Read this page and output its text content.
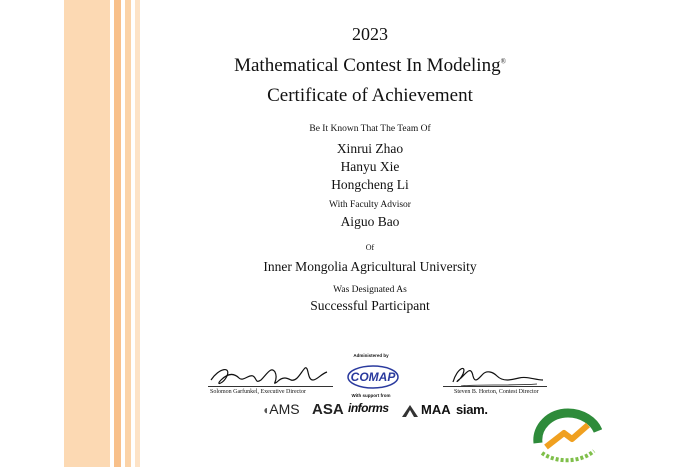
2023
Mathematical Contest In Modeling®
Certificate of Achievement
Be It Known That The Team Of
Xinrui Zhao
Hanyu Xie
Hongcheng Li
With Faculty Advisor
Aiguo Bao
Of
Inner Mongolia Agricultural University
Was Designated As
Successful Participant
Solomon Garfunkel, Executive Director
Administered by
COMAP
With support from
Steven B. Horton, Contest Director
◖AMS ASA informs MAA siam.
